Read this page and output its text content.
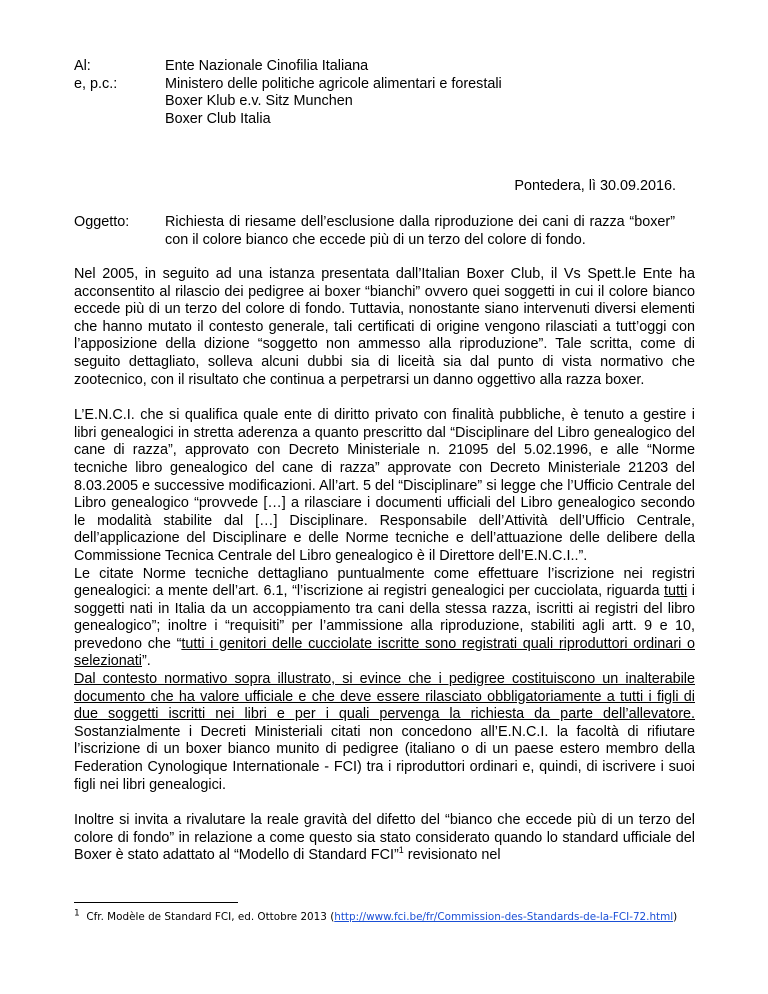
Al:
e, p.c.:
Ente Nazionale Cinofilia Italiana
Ministero delle politiche agricole alimentari e forestali
Boxer Klub e.v. Sitz Munchen
Boxer Club Italia
Pontedera, lì 30.09.2016.
Oggetto: Richiesta di riesame dell’esclusione dalla riproduzione dei cani di razza “boxer” con il colore bianco che eccede più di un terzo del colore di fondo.

Nel 2005, in seguito ad una istanza presentata dall’Italian Boxer Club, il Vs Spett.le Ente ha acconsentito al rilascio dei pedigree ai boxer “bianchi” ovvero quei soggetti in cui il colore bianco eccede più di un terzo del colore di fondo. Tuttavia, nonostante siano intervenuti diversi elementi che hanno mutato il contesto generale, tali certificati di origine vengono rilasciati a tutt’oggi con l’apposizione della dizione “soggetto non ammesso alla riproduzione”. Tale scritta, come di seguito dettagliato, solleva alcuni dubbi sia di liceità sia dal punto di vista normativo che zootecnico, con il risultato che continua a perpetrarsi un danno oggettivo alla razza boxer.

L’E.N.C.I. che si qualifica quale ente di diritto privato con finalità pubbliche, è tenuto a gestire i libri genealogici in stretta aderenza a quanto prescritto dal “Disciplinare del Libro genealogico del cane di razza”, approvato con Decreto Ministeriale n. 21095 del 5.02.1996, e alle “Norme tecniche libro genealogico del cane di razza” approvate con Decreto Ministeriale 21203 del 8.03.2005 e successive modificazioni. All’art. 5 del “Disciplinare” si legge che l’Ufficio Centrale del Libro genealogico “provvede […] a rilasciare i documenti ufficiali del Libro genealogico secondo le modalità stabilite dal […] Disciplinare. Responsabile dell’Attività dell’Ufficio Centrale, dell’applicazione del Disciplinare e delle Norme tecniche e dell’attuazione delle delibere della Commissione Tecnica Centrale del Libro genealogico è il Direttore dell’E.N.C.I..”.

Le citate Norme tecniche dettagliano puntualmente come effettuare l’iscrizione nei registri genealogici: a mente dell’art. 6.1, “l’iscrizione ai registri genealogici per cucciolata, riguarda tutti i soggetti nati in Italia da un accoppiamento tra cani della stessa razza, iscritti ai registri del libro genealogico”; inoltre i “requisiti” per l’ammissione alla riproduzione, stabiliti agli artt. 9 e 10, prevedono che “tutti i genitori delle cucciolate iscritte sono registrati quali riproduttori ordinari o selezionati”.

Dal contesto normativo sopra illustrato, si evince che i pedigree costituiscono un inalterabile documento che ha valore ufficiale e che deve essere rilasciato obbligatoriamente a tutti i figli di due soggetti iscritti nei libri e per i quali pervenga la richiesta da parte dell’allevatore. Sostanzialmente i Decreti Ministeriali citati non concedono all’E.N.C.I. la facoltà di rifiutare l’iscrizione di un boxer bianco munito di pedigree (italiano o di un paese estero membro della Federation Cynologique Internationale - FCI) tra i riproduttori ordinari e, quindi, di iscrivere i suoi figli nei libri genealogici.

Inoltre si invita a rivalutare la reale gravità del difetto del “bianco che eccede più di un terzo del colore di fondo” in relazione a come questo sia stato considerato quando lo standard ufficiale del Boxer è stato adattato al “Modello di Standard FCI”$^1$ revisionato nel

$^1$ Cfr. Modèle de Standard FCI, ed. Ottobre 2013 (http://www.fci.be/fr/Commission-des-Standards-de-la-FCI-72.html)
